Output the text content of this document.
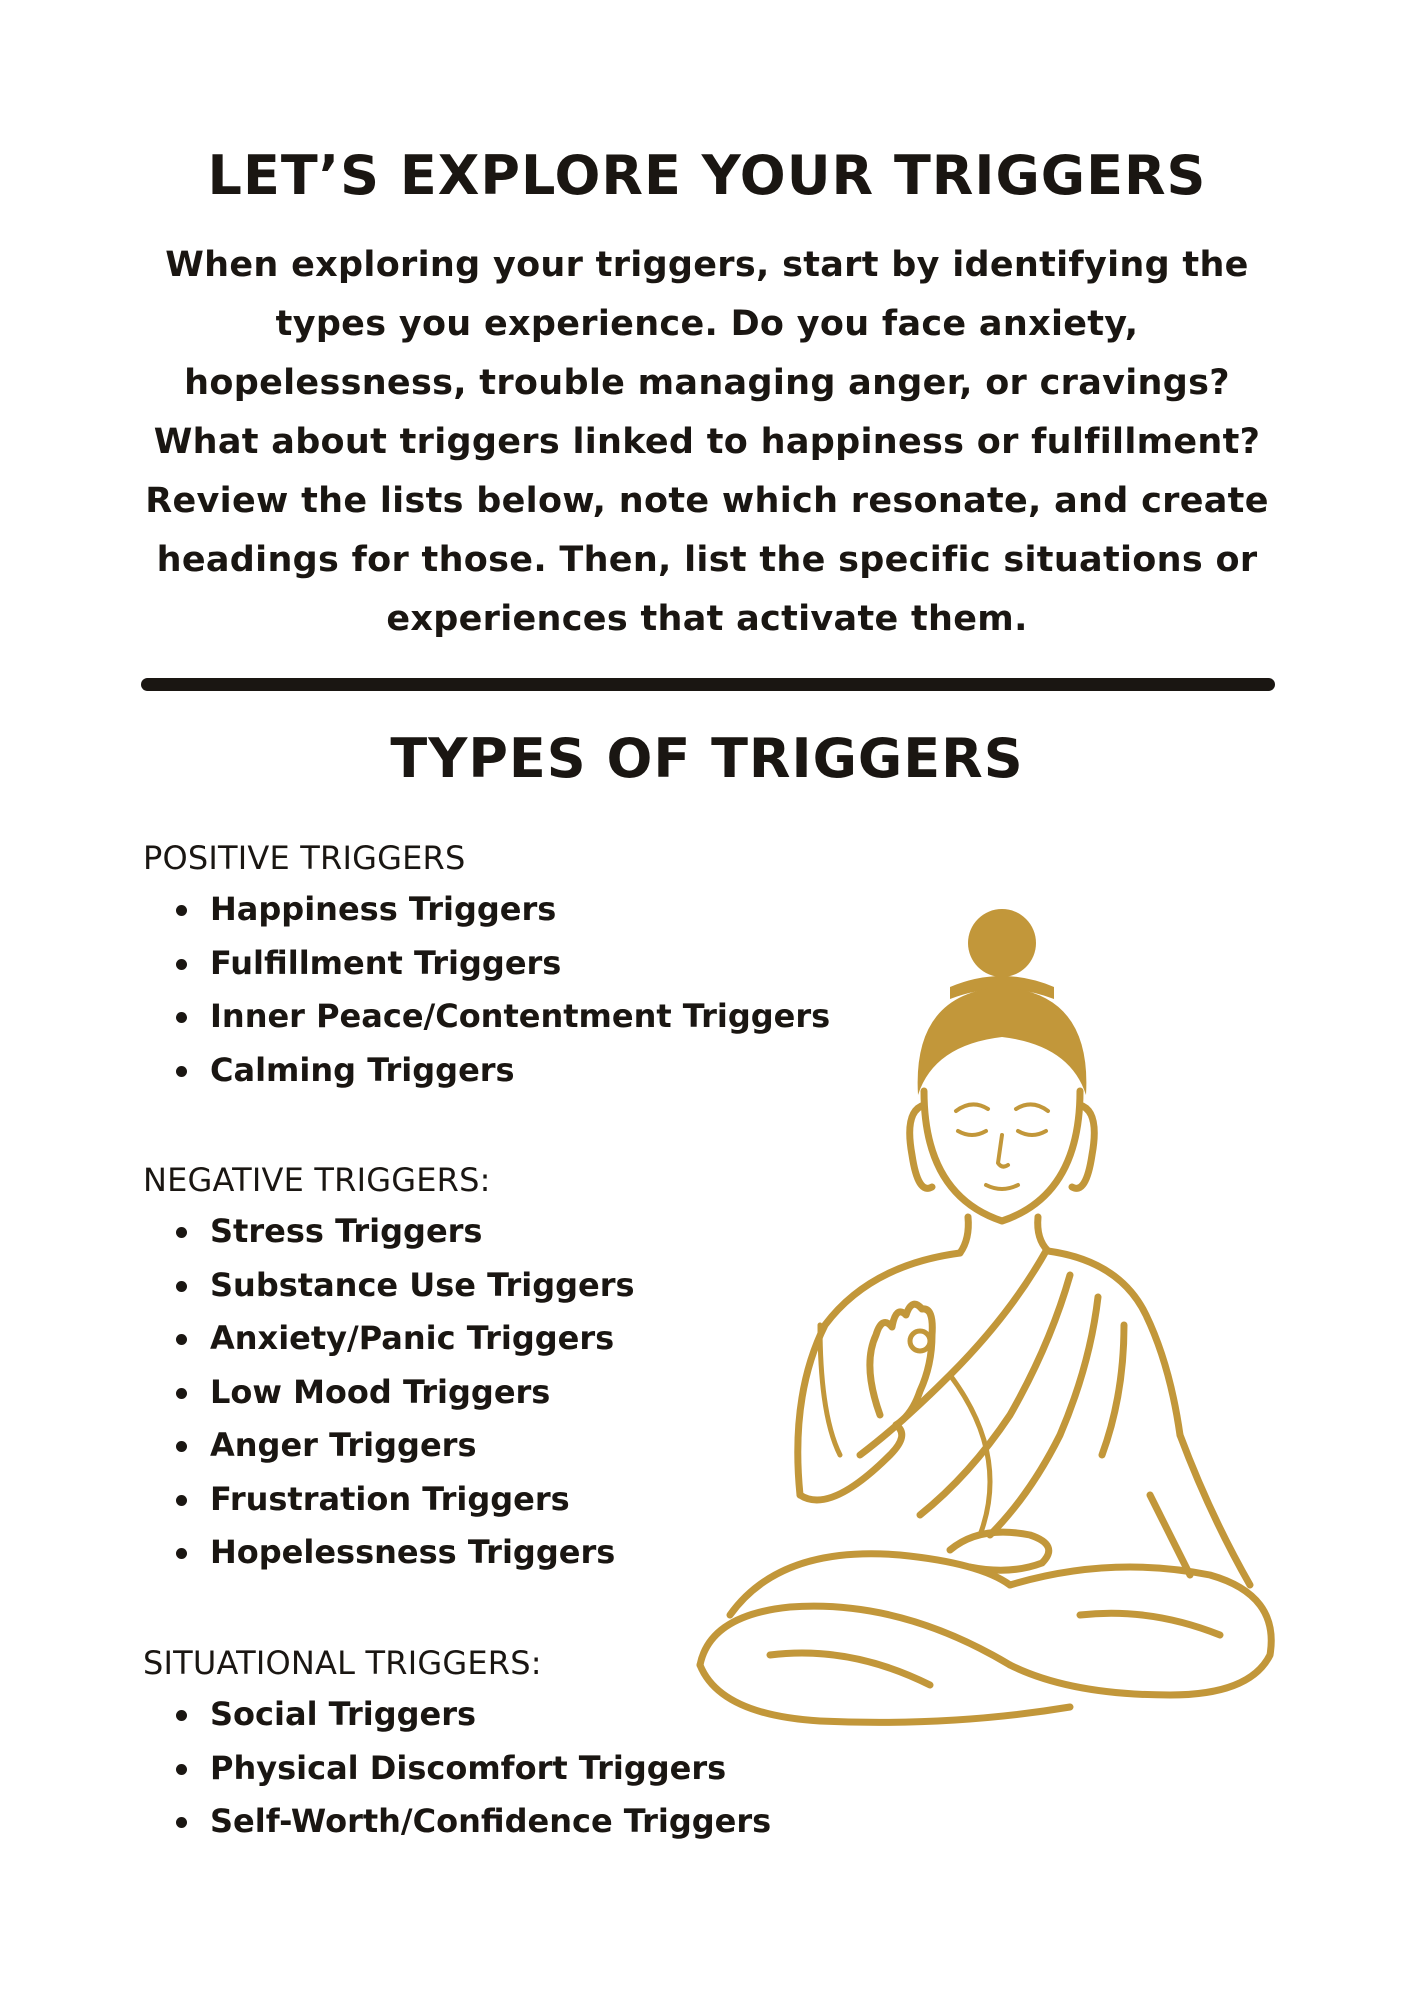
LET’S EXPLORE YOUR TRIGGERS

When exploring your triggers, start by identifying the
types you experience. Do you face anxiety,
hopelessness, trouble managing anger, or cravings?
What about triggers linked to happiness or fulfillment?
Review the lists below, note which resonate, and create
headings for those. Then, list the specific situations or
experiences that activate them.

TYPES OF TRIGGERS
POSITIVE TRIGGERS
Happiness Triggers
Fulfillment Triggers
Inner Peace/Contentment Triggers
Calming Triggers
NEGATIVE TRIGGERS:
Stress Triggers
Substance Use Triggers
Anxiety/Panic Triggers
Low Mood Triggers
Anger Triggers
Frustration Triggers
Hopelessness Triggers
SITUATIONAL TRIGGERS:
Social Triggers
Physical Discomfort Triggers
Self-Worth/Confidence Triggers
